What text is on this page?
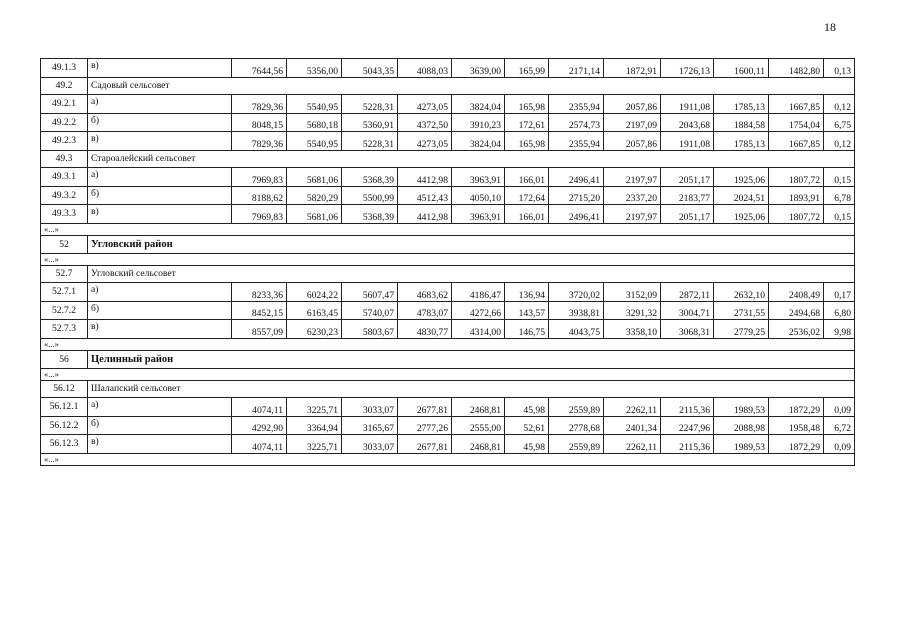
18
49.1.3	в)	7644,56	5356,00	5043,35	4088,03	3639,00	165,99	2171,14	1872,91	1726,13	1600,11	1482,80	0,13
49.2	Садовый сельсовет												
49.2.1	а)	7829,36	5540,95	5228,31	4273,05	3824,04	165,98	2355,94	2057,86	1911,08	1785,13	1667,85	0,12
49.2.2	б)	8048,15	5680,18	5360,91	4372,50	3910,23	172,61	2574,73	2197,09	2043,68	1884,58	1754,04	6,75
49.2.3	в)	7829,36	5540,95	5228,31	4273,05	3824,04	165,98	2355,94	2057,86	1911,08	1785,13	1667,85	0,12
49.3	Староалейский сельсовет												
49.3.1	а)	7969,83	5681,06	5368,39	4412,98	3963,91	166,01	2496,41	2197,97	2051,17	1925,06	1807,72	0,15
49.3.2	б)	8188,62	5820,29	5500,99	4512,43	4050,10	172,64	2715,20	2337,20	2183,77	2024,51	1893,91	6,78
49.3.3	в)	7969,83	5681,06	5368,39	4412,98	3963,91	166,01	2496,41	2197,97	2051,17	1925,06	1807,72	0,15
«...»													
52	Угловский район												
«...»													
52.7	Угловский сельсовет												
52.7.1	а)	8233,36	6024,22	5607,47	4683,62	4186,47	136,94	3720,02	3152,09	2872,11	2632,10	2408,49	0,17
52.7.2	б)	8452,15	6163,45	5740,07	4783,07	4272,66	143,57	3938,81	3291,32	3004,71	2731,55	2494,68	6,80
52.7.3	в)	8557,09	6230,23	5803,67	4830,77	4314,00	146,75	4043,75	3358,10	3068,31	2779,25	2536,02	9,98
«...»													
56	Целинный район												
«...»													
56.12	Шалапский сельсовет												
56.12.1	а)	4074,11	3225,71	3033,07	2677,81	2468,81	45,98	2559,89	2262,11	2115,36	1989,53	1872,29	0,09
56.12.2	б)	4292,90	3364,94	3165,67	2777,26	2555,00	52,61	2778,68	2401,34	2247,96	2088,98	1958,48	6,72
56.12.3	в)	4074,11	3225,71	3033,07	2677,81	2468,81	45,98	2559,89	2262,11	2115,36	1989,53	1872,29	0,09
«...»													
